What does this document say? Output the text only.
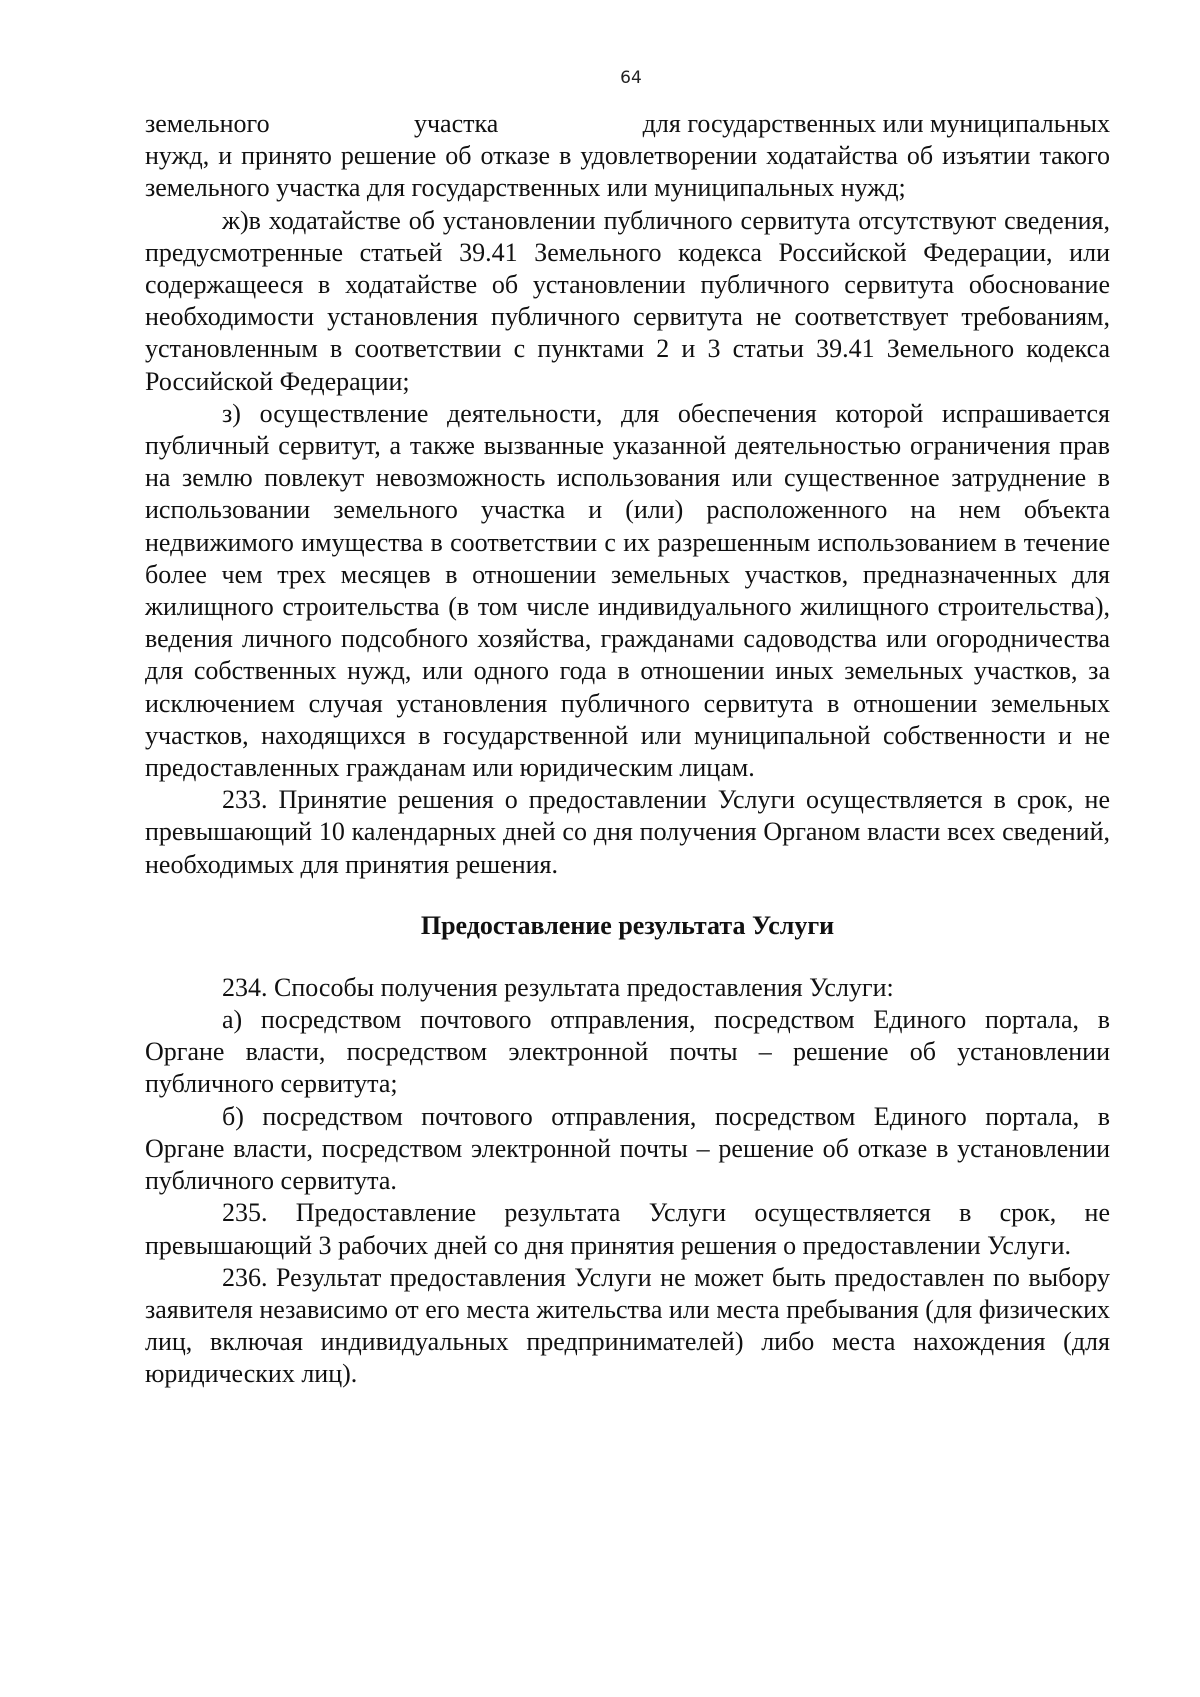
64
земельного	участка	для государственных или муниципальных

нужд, и принято решение об отказе в удовлетворении ходатайства об изъятии такого земельного участка для государственных или муниципальных нужд;

ж)в ходатайстве об установлении публичного сервитута отсутствуют сведения, предусмотренные статьей 39.41 Земельного кодекса Российской Федерации, или содержащееся в ходатайстве об установлении публичного сервитута обоснование необходимости установления публичного сервитута не соответствует требованиям, установленным в соответствии с пунктами 2 и 3 статьи 39.41 Земельного кодекса Российской Федерации;

з) осуществление деятельности, для обеспечения которой испрашивается публичный сервитут, а также вызванные указанной деятельностью ограничения прав на землю повлекут невозможность использования или существенное затруднение в использовании земельного участка и (или) расположенного на нем объекта недвижимого имущества в соответствии с их разрешенным использованием в течение более чем трех месяцев в отношении земельных участков, предназначенных для жилищного строительства (в том числе индивидуального жилищного строительства), ведения личного подсобного хозяйства, гражданами садоводства или огородничества для собственных нужд, или одного года в отношении иных земельных участков, за исключением случая установления публичного сервитута в отношении земельных участков, находящихся в государственной или муниципальной собственности и не предоставленных гражданам или юридическим лицам.

233. Принятие решения о предоставлении Услуги осуществляется в срок, не превышающий 10 календарных дней со дня получения Органом власти всех сведений, необходимых для принятия решения.

Предоставление результата Услуги

234. Способы получения результата предоставления Услуги:

а) посредством почтового отправления, посредством Единого портала, в Органе власти, посредством электронной почты – решение об установлении публичного сервитута;

б) посредством почтового отправления, посредством Единого портала, в Органе власти, посредством электронной почты – решение об отказе в установлении публичного сервитута.

235. Предоставление результата Услуги осуществляется в срок, не превышающий 3 рабочих дней со дня принятия решения о предоставлении Услуги.

236. Результат предоставления Услуги не может быть предоставлен по выбору заявителя независимо от его места жительства или места пребывания (для физических лиц, включая индивидуальных предпринимателей) либо места нахождения (для юридических лиц).
